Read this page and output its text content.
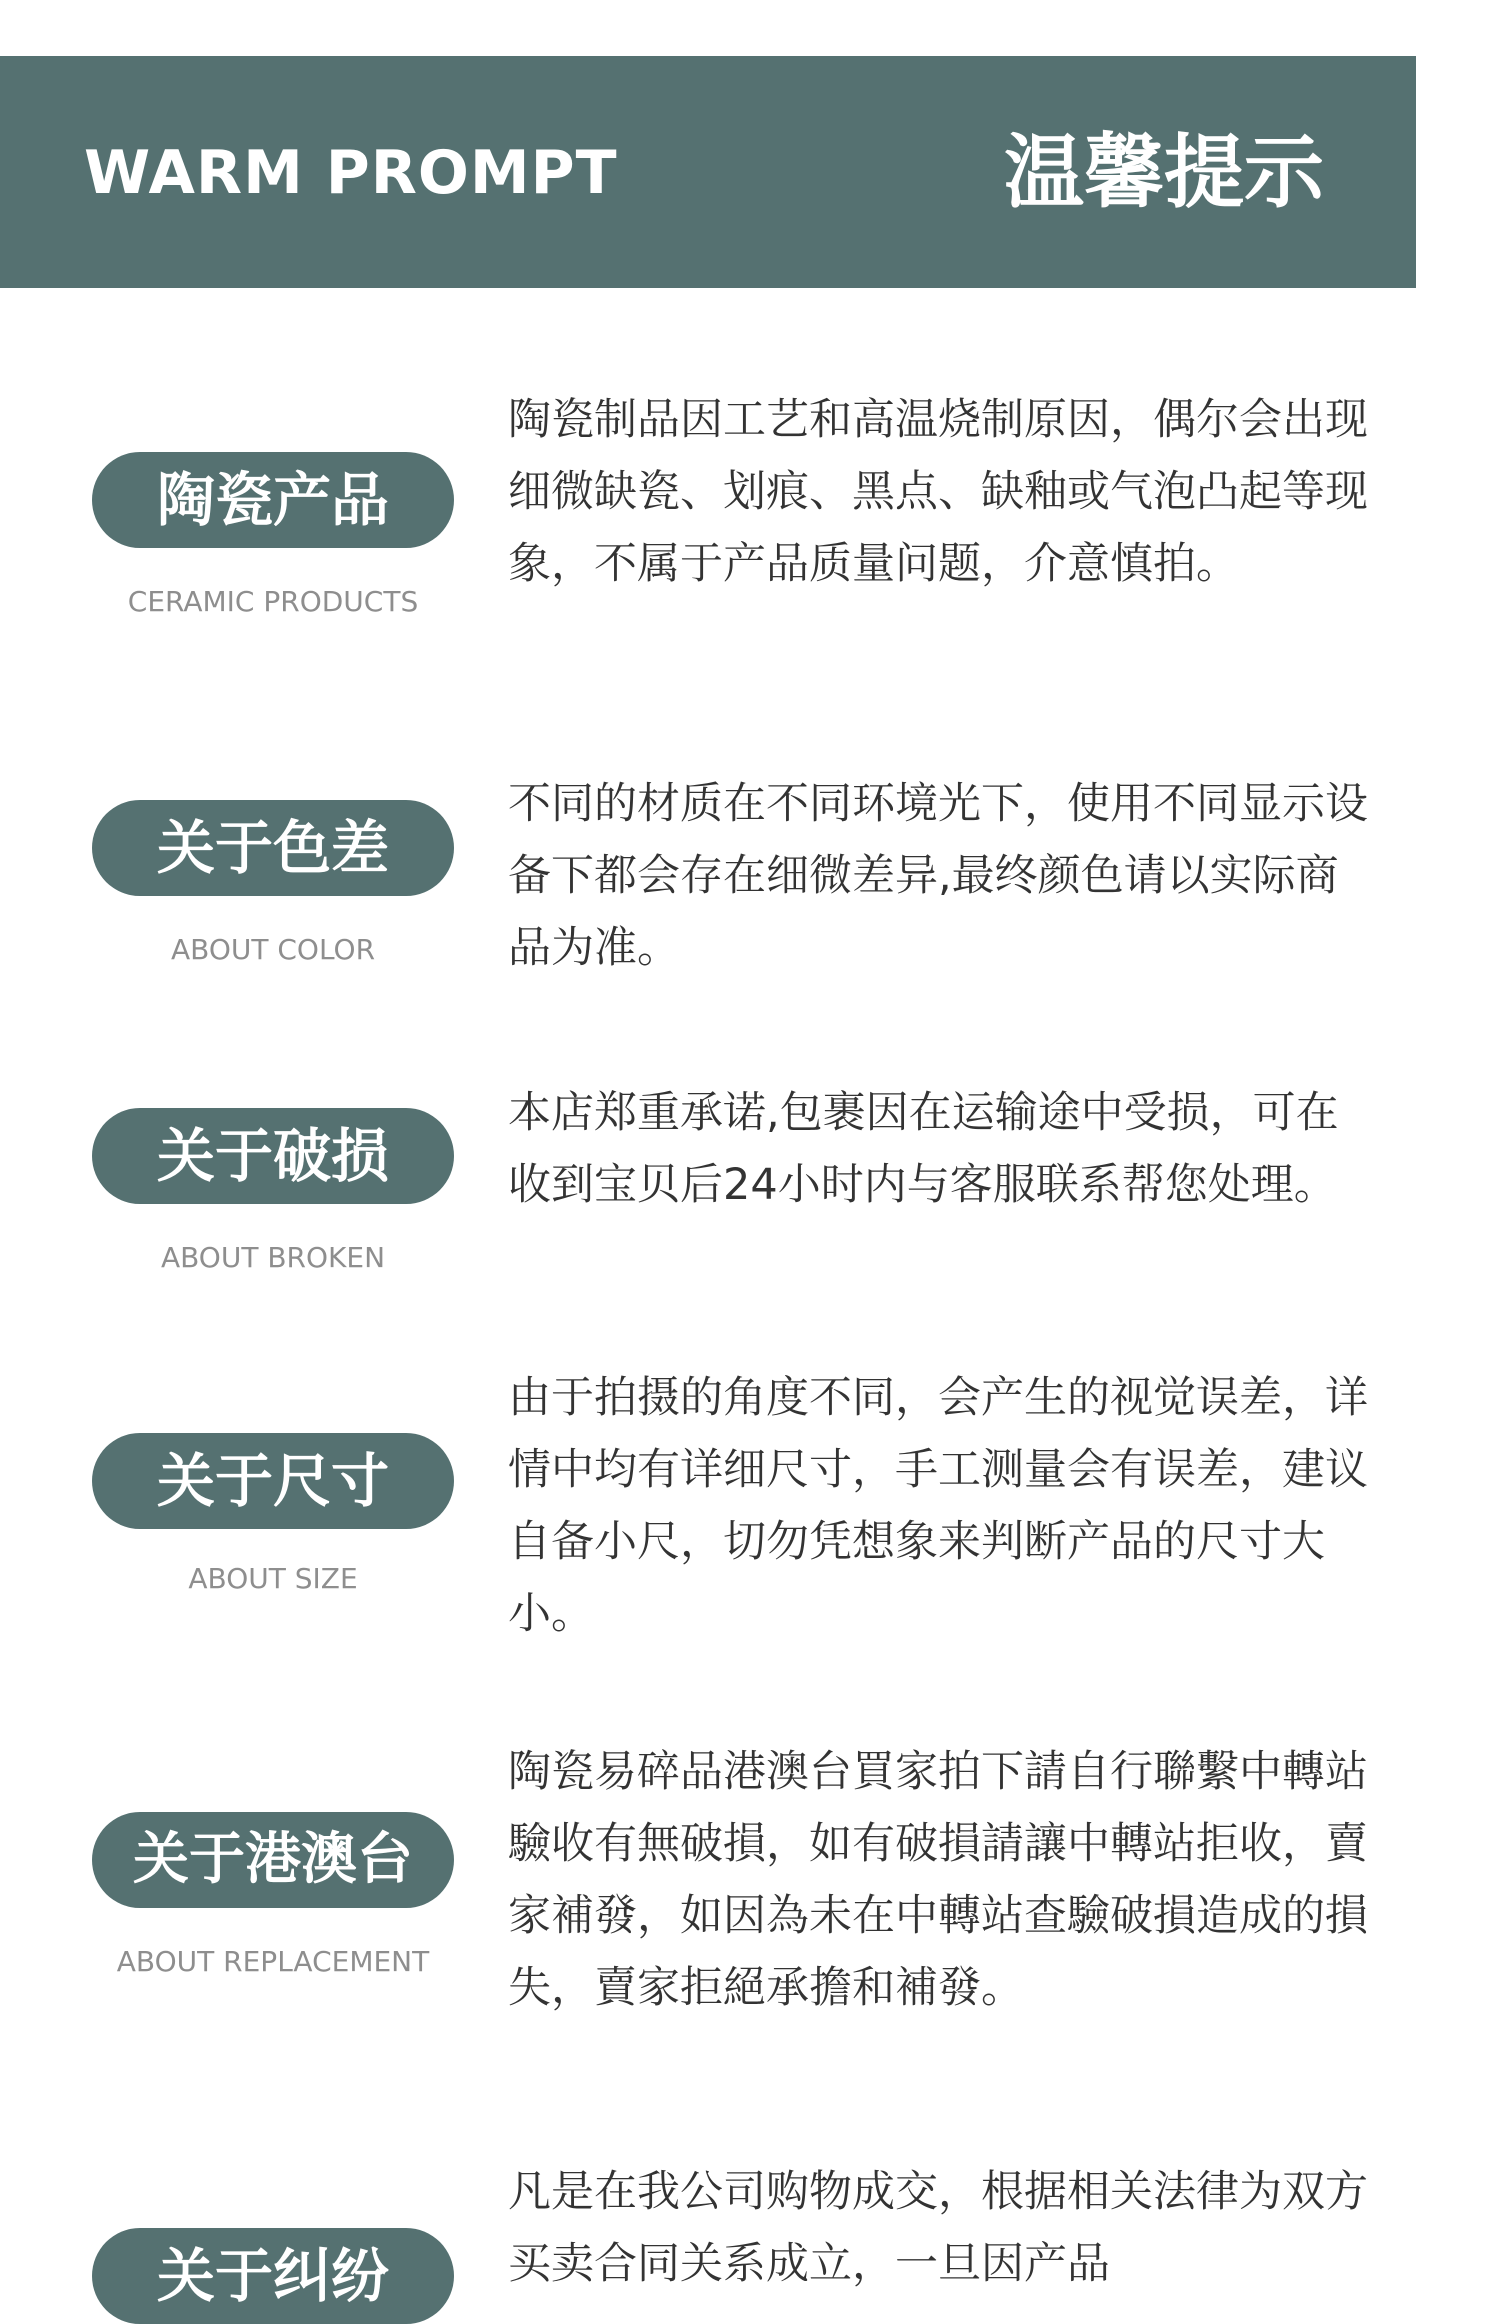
WARM PROMPT	温馨提示
陶瓷产品
CERAMIC PRODUCTS

陶瓷制品因工艺和高温烧制原因，偶尔会出现细微缺瓷、划痕、黑点、缺釉或气泡凸起等现象，不属于产品质量问题，介意慎拍。

关于色差
ABOUT COLOR

不同的材质在不同环境光下，使用不同显示设备下都会存在细微差异,最终颜色请以实际商品为准。

关于破损
ABOUT BROKEN

本店郑重承诺,包裹因在运输途中受损，可在收到宝贝后24小时内与客服联系帮您处理。

关于尺寸
ABOUT SIZE

由于拍摄的角度不同，会产生的视觉误差，详情中均有详细尺寸，手工测量会有误差，建议自备小尺，切勿凭想象来判断产品的尺寸大小。

关于港澳台
ABOUT REPLACEMENT

陶瓷易碎品港澳台買家拍下請自行聯繫中轉站驗收有無破損，如有破損請讓中轉站拒收，賣家補發，如因為未在中轉站查驗破損造成的損失，賣家拒絕承擔和補發。

关于纠纷

凡是在我公司购物成交，根据相关法律为双方买卖合同关系成立，一旦因产品
